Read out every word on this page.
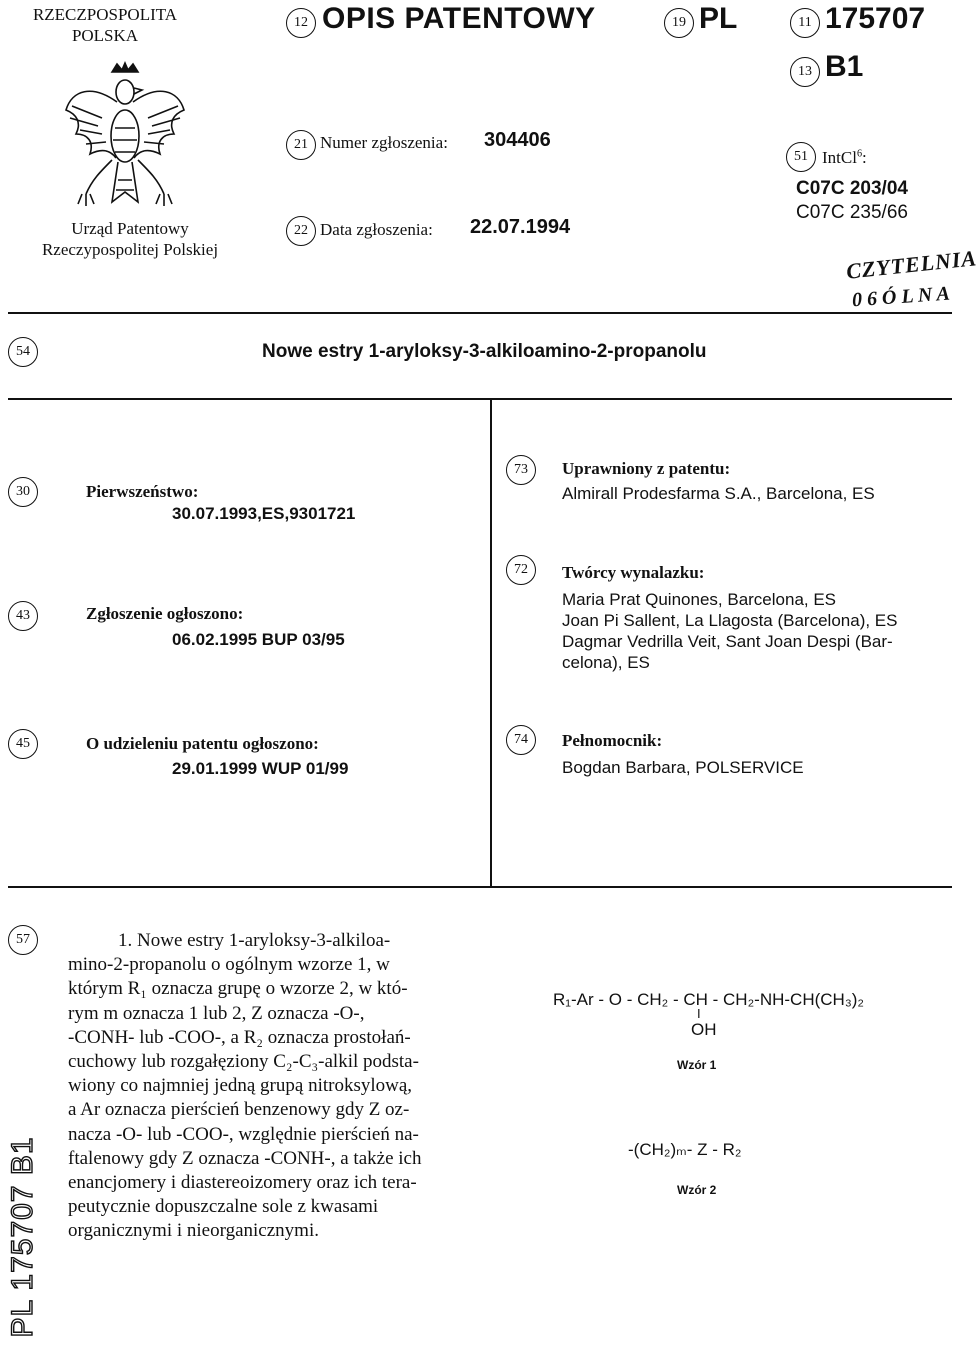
RZECZPOSPOLITA
POLSKA
12 OPIS PATENTOWY	19 PL	11 175707
13 B1
Urząd Patentowy
Rzeczypospolitej Polskiej
21 Numer zgłoszenia: 304406
22 Data zgłoszenia: 22.07.1994
51 IntCl$^6$:
C07C 203/04
C07C 235/66
CZYTELNIA
0 6 Ó L N A
54	Nowe estry 1-aryloksy-3-alkiloamino-2-propanolu
30	Pierwszeństwo:
30.07.1993,ES,9301721
43	Zgłoszenie ogłoszono:
06.02.1995 BUP 03/95
45	O udzieleniu patentu ogłoszono:
29.01.1999 WUP 01/99
73	Uprawniony z patentu:
Almirall Prodesfarma S.A., Barcelona, ES
72	Twórcy wynalazku:
Maria Prat Quinones, Barcelona, ES
Joan Pi Sallent, La Llagosta (Barcelona), ES
Dagmar Vedrilla Veit, Sant Joan Despi (Bar-
celona), ES
74	Pełnomocnik:
Bogdan Barbara, POLSERVICE
57	1. Nowe estry 1-aryloksy-3-alkiloa-
mino-2-propanolu o ogólnym wzorze 1, w
którym R₁ oznacza grupę o wzorze 2, w któ-
rym m oznacza 1 lub 2, Z oznacza -O-,
-CONH- lub -COO-, a R₂ oznacza prostołań-
cuchowy lub rozgałęziony C₂-C₃-alkil podsta-
wiony co najmniej jedną grupą nitroksylową,
a Ar oznacza pierścień benzenowy gdy Z oz-
nacza -O- lub -COO-, względnie pierścień na-
ftalenowy gdy Z oznacza -CONH-, a także ich
enancjomery i diastereoizomery oraz ich tera-
peutycznie dopuszczalne sole z kwasami
organicznymi i nieorganicznymi.
R₁-Ar - O - CH₂ - CH - CH₂-NH-CH(CH₃)₂
I
OH
Wzór 1
-(CH₂)ₘ- Z - R₂
Wzór 2
PL 175707 B1
